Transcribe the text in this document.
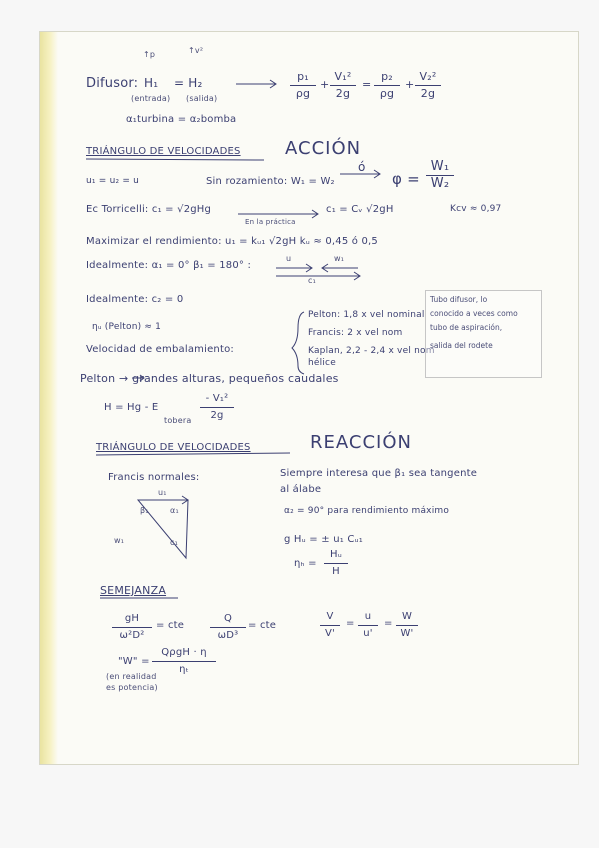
↑p	↑v²
Difusor: H₁ = H₂
(entrada) (salida)
p₁
ρg
+
V₁²
2g
=
p₂
ρg
+
V₂²
2g
α₁turbina = α₂bomba
TRIÁNGULO DE VELOCIDADES ACCIÓN
u₁ = u₂ = u	Sin rozamiento: W₁ = W₂
ó
φ =
W₁
W₂
Ec Torricelli: c₁ = √2gHg
En la práctica
c₁ = Cᵥ √2gH	Kcv ≈ 0,97
Maximizar el rendimiento: u₁ = kᵤ₁ √2gH kᵤ ≈ 0,45 ó 0,5
Idealmente: α₁ = 0° β₁ = 180° :
u	w₁
c₁
Idealmente: c₂ = 0
ηᵤ (Pelton) ≈ 1
Velocidad de embalamiento:
Pelton: 1,8 x vel nominal
Francis: 2 x vel nom
Kaplan, 2,2 - 2,4 x vel nom
hélice
Tubo difusor, lo
conocido a veces como
tubo de aspiración,
salida del rodete
Pelton → grandes alturas, pequeños caudales
H = Hg - E
tobera
- V₁²
2g
TRIÁNGULO DE VELOCIDADES	REACCIÓN
Francis normales:	Siempre interesa que β₁ sea tangente
al álabe
α₂ = 90° para rendimiento máximo
g Hᵤ = ± u₁ Cᵤ₁
ηₕ =
Hᵤ
H
u₁
β₁	α₁
w₁	c₁
SEMEJANZA
gH
ω²D²
= cte
Q
ωD³
= cte
V
V'
=
u
u'
=
W
W'
"W" =
QρgH · η
ηₜ
(en realidad
es potencia)
